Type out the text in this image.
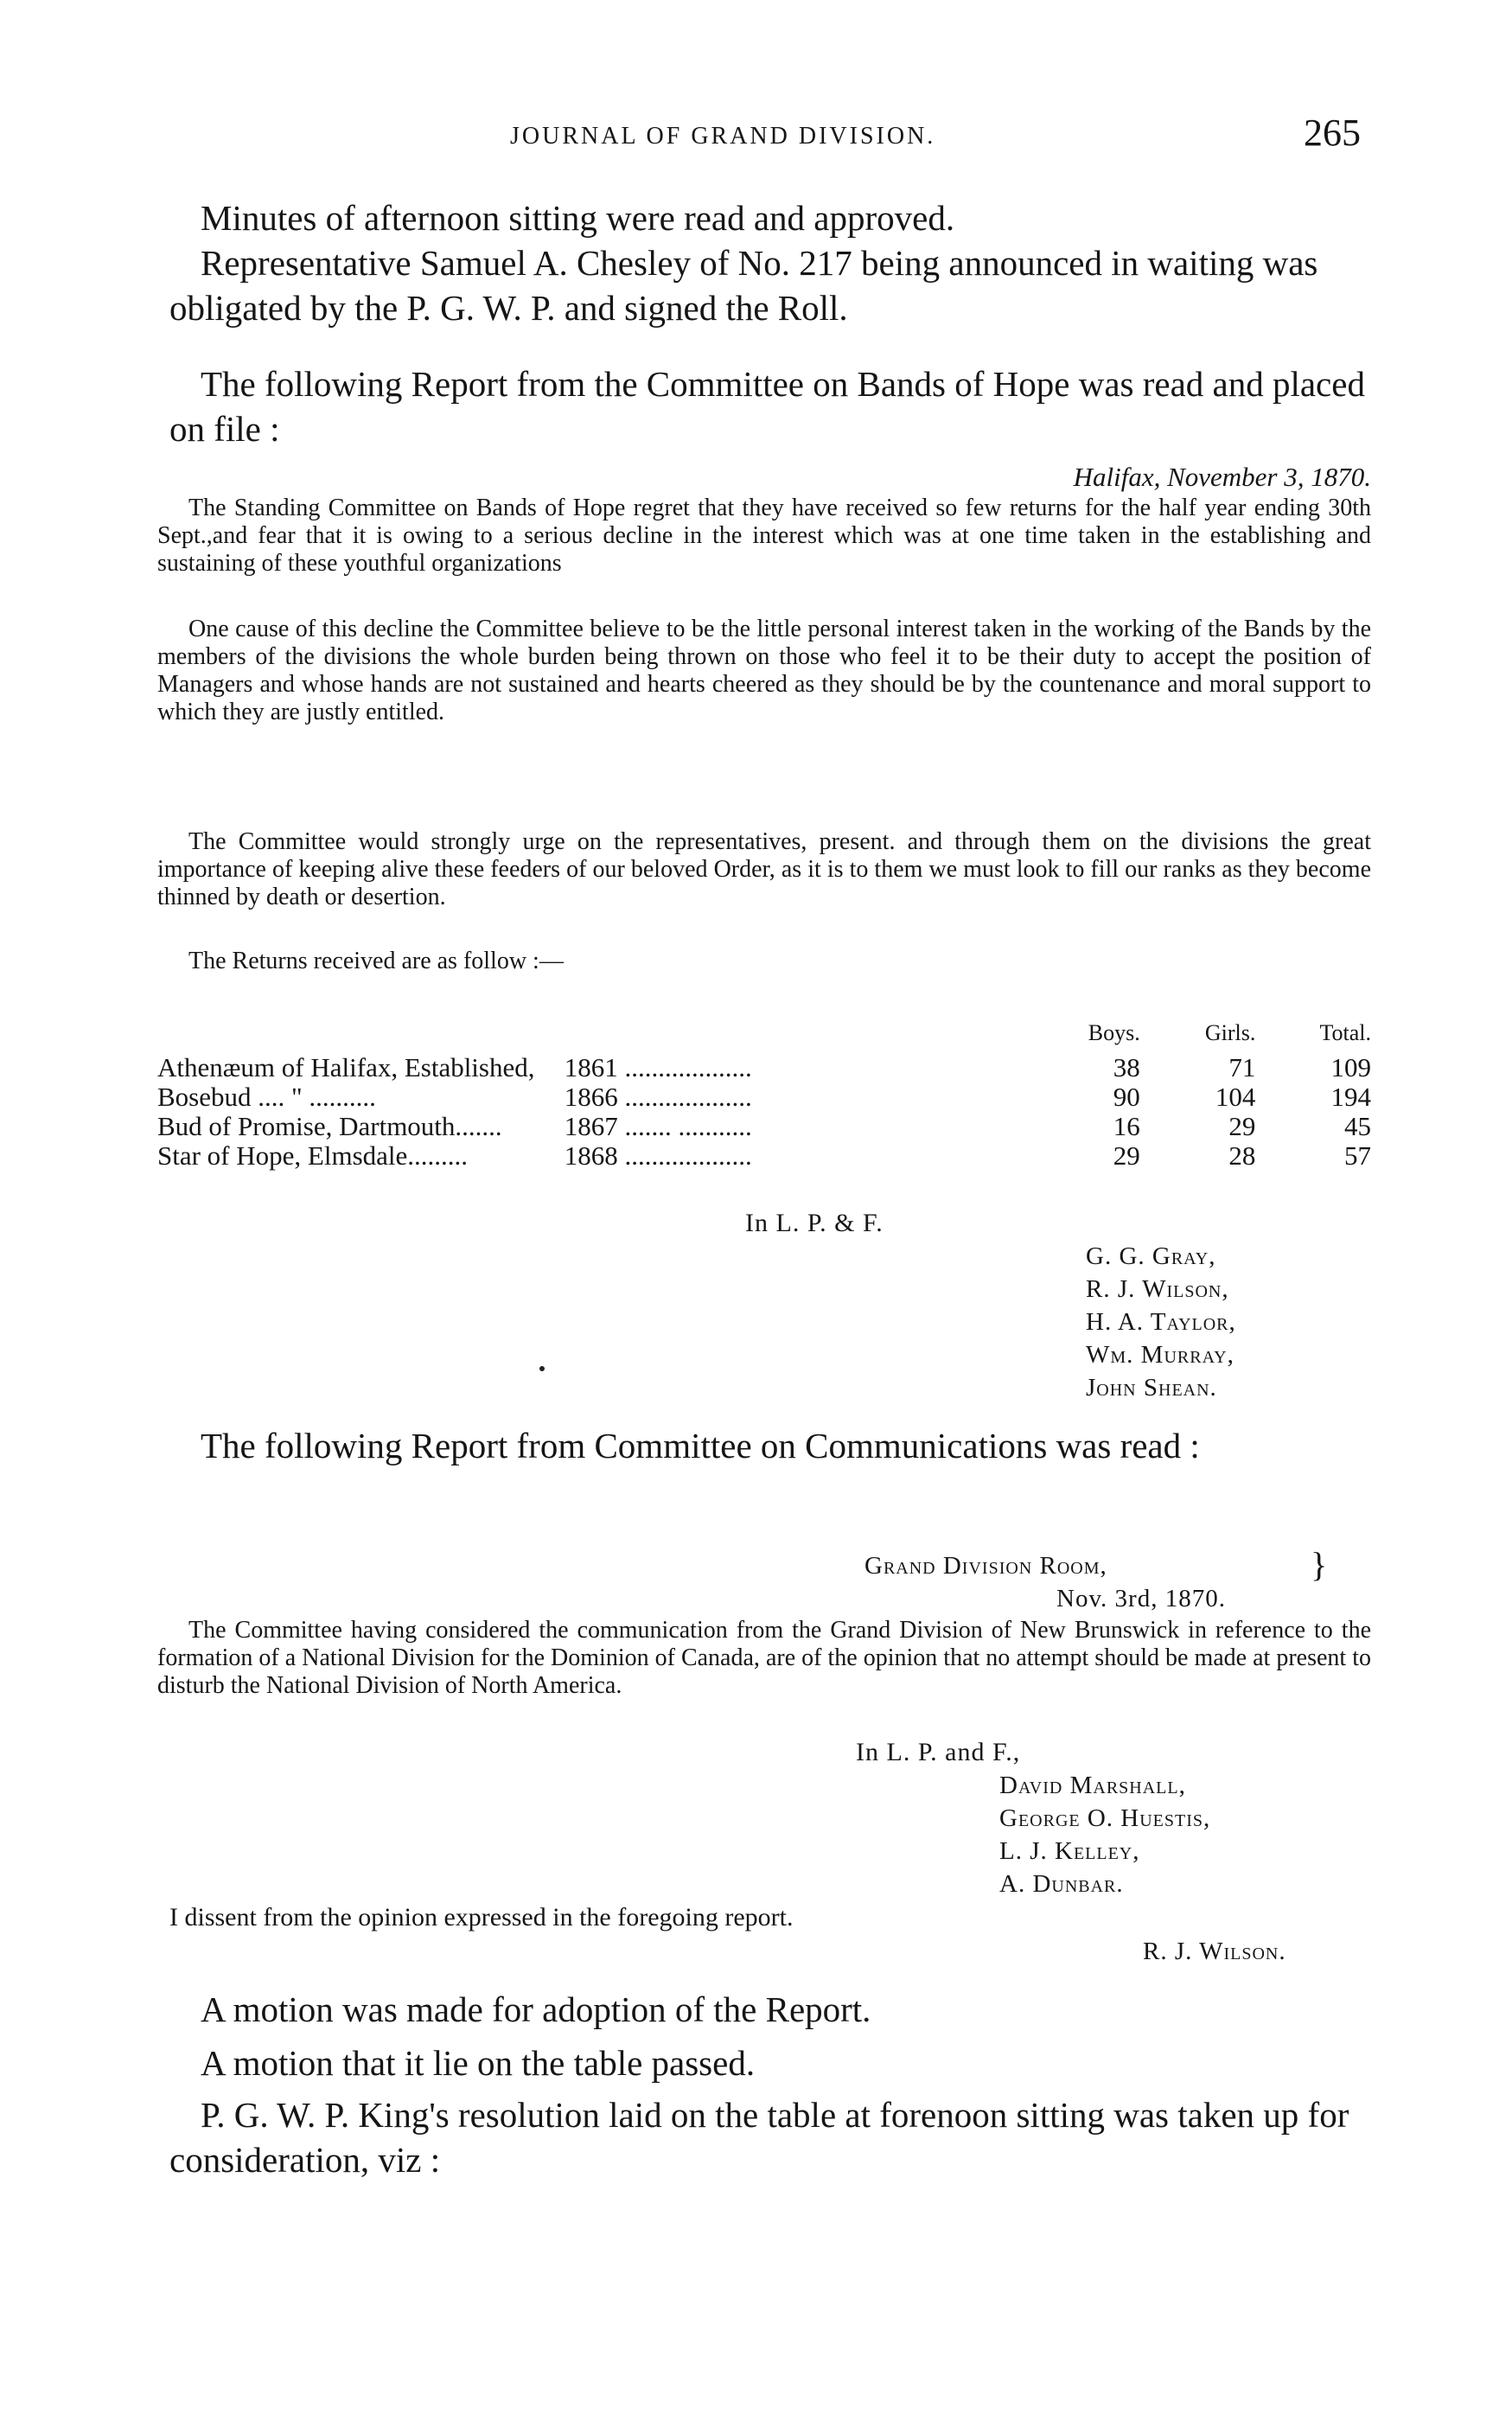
JOURNAL OF GRAND DIVISION.	265
Minutes of afternoon sitting were read and approved.
Representative Samuel A. Chesley of No. 217 being announced in waiting was obligated by the P. G. W. P. and signed the Roll.
The following Report from the Committee on Bands of Hope was read and placed on file :
Halifax, November 3, 1870.
The Standing Committee on Bands of Hope regret that they have received so few returns for the half year ending 30th Sept.,and fear that it is owing to a serious decline in the interest which was at one time taken in the establishing and sustaining of these youthful organizations
One cause of this decline the Committee believe to be the little personal interest taken in the working of the Bands by the members of the divisions the whole burden being thrown on those who feel it to be their duty to accept the position of Managers and whose hands are not sustained and hearts cheered as they should be by the countenance and moral support to which they are justly entitled.
The Committee would strongly urge on the representatives, present. and through them on the divisions the great importance of keeping alive these feeders of our beloved Order, as it is to them we must look to fill our ranks as they become thinned by death or desertion.
The Returns received are as follow :—
		Boys.	Girls.	Total.
Athenæum of Halifax, Established,	1861 ...................	38	71	109
Bosebud .... " ..........	1866 ...................	90	104	194
Bud of Promise, Dartmouth.......	1867 ....... ...........	16	29	45
Star of Hope, Elmsdale.........	1868 ...................	29	28	57
In L. P. & F.
G. G. Gray,
R. J. Wilson,
H. A. Taylor,
Wm. Murray,
John Shean.
The following Report from Committee on Communications was read :
Grand Division Room,	}
Nov. 3rd, 1870.
The Committee having considered the communication from the Grand Division of New Brunswick in reference to the formation of a National Division for the Dominion of Canada, are of the opinion that no attempt should be made at present to disturb the National Division of North America.
In L. P. and F.,
David Marshall,
George O. Huestis,
L. J. Kelley,
A. Dunbar.
I dissent from the opinion expressed in the foregoing report.
R. J. Wilson.
A motion was made for adoption of the Report.
A motion that it lie on the table passed.
P. G. W. P. King's resolution laid on the table at forenoon sitting was taken up for consideration, viz :
